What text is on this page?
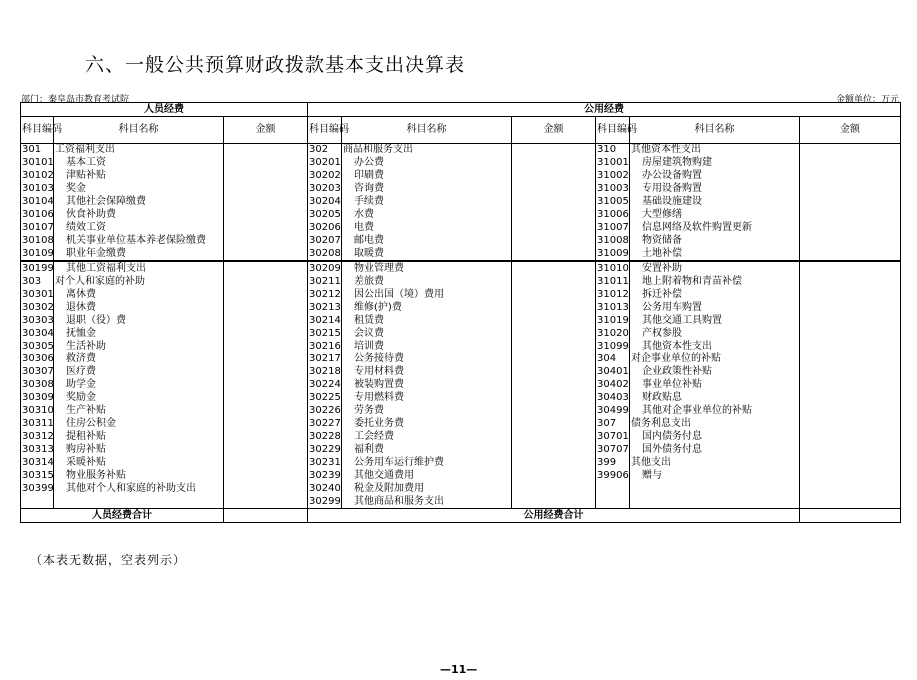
六、一般公共预算财政拨款基本支出决算表
部门：秦皇岛市教育考试院	金额单位：万元
人员经费			公用经费					
科目编码	科目名称	金额	科目编码	科目名称	金额	科目编码	科目名称	金额
301	工资福利支出		302	商品和服务支出		310	其他资本性支出	
30101	基本工资		30201	办公费		31001	房屋建筑物购建	
30102	津贴补贴		30202	印刷费		31002	办公设备购置	
30103	奖金		30203	咨询费		31003	专用设备购置	
30104	其他社会保障缴费		30204	手续费		31005	基础设施建设	
30106	伙食补助费		30205	水费		31006	大型修缮	
30107	绩效工资		30206	电费		31007	信息网络及软件购置更新	
30108	机关事业单位基本养老保险缴费		30207	邮电费		31008	物资储备	
30109	职业年金缴费		30208	取暖费		31009	土地补偿	
30199	其他工资福利支出		30209	物业管理费		31010	安置补助	
303	对个人和家庭的补助		30211	差旅费		31011	地上附着物和青苗补偿	
30301	离休费		30212	因公出国（境）费用		31012	拆迁补偿	
30302	退休费		30213	维修(护)费		31013	公务用车购置	
30303	退职（役）费		30214	租赁费		31019	其他交通工具购置	
30304	抚恤金		30215	会议费		31020	产权参股	
30305	生活补助		30216	培训费		31099	其他资本性支出	
30306	救济费		30217	公务接待费		304	对企事业单位的补贴	
30307	医疗费		30218	专用材料费		30401	企业政策性补贴	
30308	助学金		30224	被装购置费		30402	事业单位补贴	
30309	奖励金		30225	专用燃料费		30403	财政贴息	
30310	生产补贴		30226	劳务费		30499	其他对企事业单位的补贴	
30311	住房公积金		30227	委托业务费		307	债务利息支出	
30312	提租补贴		30228	工会经费		30701	国内债务付息	
30313	购房补贴		30229	福利费		30707	国外债务付息	
30314	采暖补贴		30231	公务用车运行维护费		399	其他支出	
30315	物业服务补贴		30239	其他交通费用		39906	赠与	
30399	其他对个人和家庭的补助支出		30240	税金及附加费用				
			30299	其他商品和服务支出				
人员经费合计			公用经费合计					
（本表无数据，空表列示）
—11—
